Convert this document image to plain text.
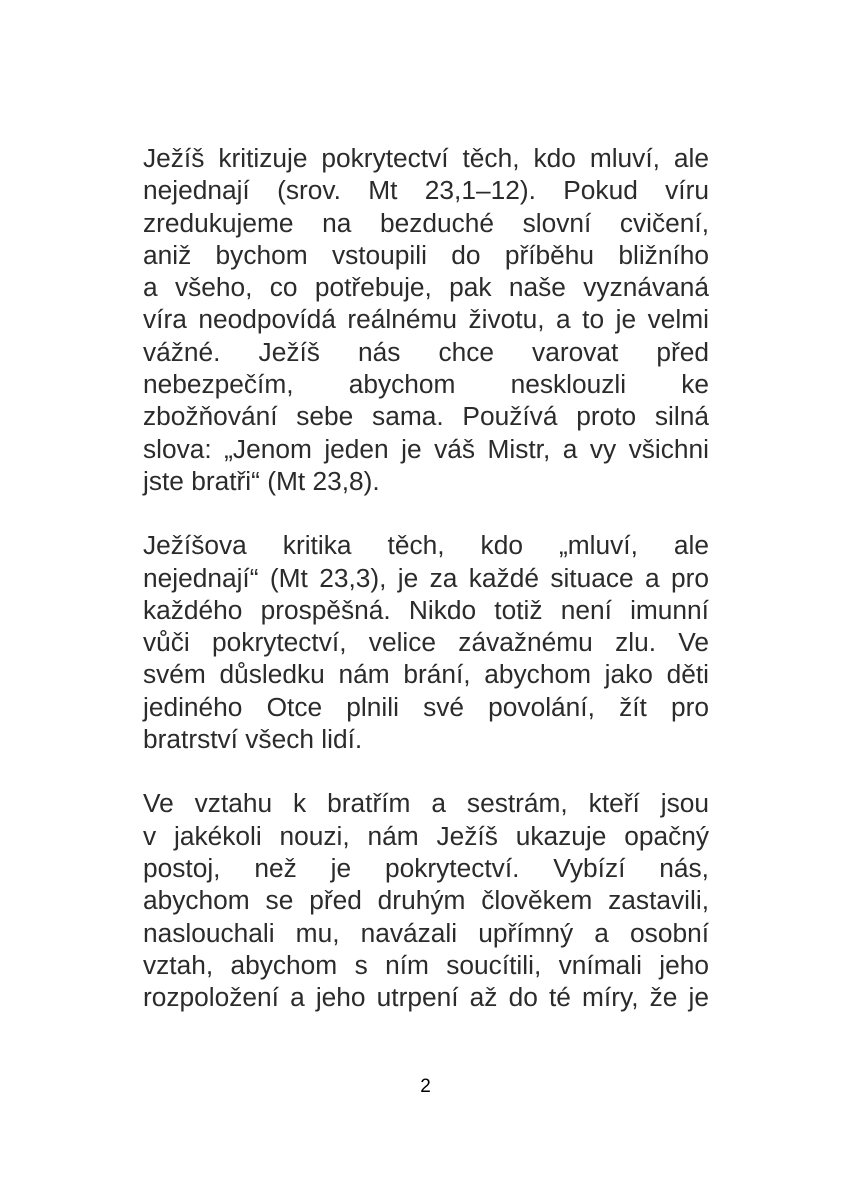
Ježíš kritizuje pokrytectví těch, kdo mluví, ale
nejednají (srov. Mt 23,1–12). Pokud víru
zredukujeme na bezduché slovní cvičení,
aniž bychom vstoupili do příběhu bližního
a všeho, co potřebuje, pak naše vyznávaná
víra neodpovídá reálnému životu, a to je velmi
vážné. Ježíš nás chce varovat před
nebezpečím, abychom nesklouzli ke
zbožňování sebe sama. Používá proto silná
slova: „Jenom jeden je váš Mistr, a vy všichni
jste bratři“ (Mt 23,8).
Ježíšova kritika těch, kdo „mluví, ale
nejednají“ (Mt 23,3), je za každé situace a pro
každého prospěšná. Nikdo totiž není imunní
vůči pokrytectví, velice závažnému zlu. Ve
svém důsledku nám brání, abychom jako děti
jediného Otce plnili své povolání, žít pro
bratrství všech lidí.
Ve vztahu k bratřím a sestrám, kteří jsou
v jakékoli nouzi, nám Ježíš ukazuje opačný
postoj, než je pokrytectví. Vybízí nás,
abychom se před druhým člověkem zastavili,
naslouchali mu, navázali upřímný a osobní
vztah, abychom s ním soucítili, vnímali jeho
rozpoložení a jeho utrpení až do té míry, že je
2
